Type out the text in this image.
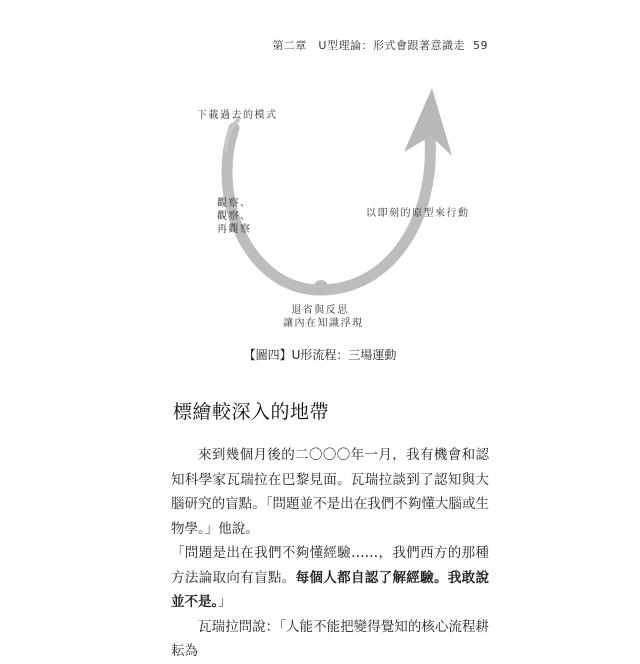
第二章　U型理論：形式會跟著意識走 59
下載過去的模式
觀察、
觀察、
再觀察
以即刻的原型來行動
退省與反思
讓內在知識浮現
【圖四】U形流程：三場運動
標繪較深入的地帶

來到幾個月後的二〇〇〇年一月，我有機會和認知科學家瓦瑞拉在巴黎見面。瓦瑞拉談到了認知與大腦研究的盲點。「問題並不是出在我們不夠懂大腦或生物學。」他說。

「問題是出在我們不夠懂經驗……，我們西方的那種方法論取向有盲點。每個人都自認了解經驗。我敢說並不是。」

瓦瑞拉問說：「人能不能把變得覺知的核心流程耕耘為
